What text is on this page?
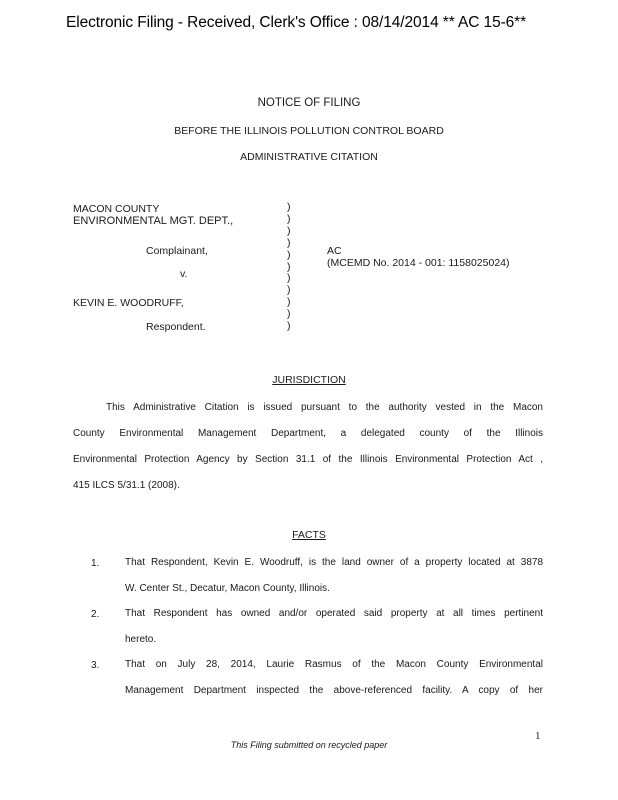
Electronic Filing - Received, Clerk's Office : 08/14/2014 ** AC 15-6**
NOTICE OF FILING
BEFORE THE ILLINOIS POLLUTION CONTROL BOARD
ADMINISTRATIVE CITATION
MACON COUNTY
ENVIRONMENTAL MGT. DEPT.,
Complainant,
v.
KEVIN E. WOODRUFF,
Respondent.
)
)
)
)
)
)
)
)
)
)
)
AC
(MCEMD No. 2014 - 001: 1158025024)
JURISDICTION
This Administrative Citation is issued pursuant to the authority vested in the Macon
County Environmental Management Department, a delegated county of the Illinois
Environmental Protection Agency by Section 31.1 of the Illinois Environmental Protection Act ,
415 ILCS 5/31.1 (2008).
FACTS
1.	That Respondent, Kevin E. Woodruff, is the land owner of a property located at 3878
W. Center St., Decatur, Macon County, Illinois.
2.	That Respondent has owned and/or operated said property at all times pertinent
hereto.
3.	That on July 28, 2014, Laurie Rasmus of the Macon County Environmental
Management Department inspected the above-referenced facility. A copy of her
1
This Filing submitted on recycled paper
